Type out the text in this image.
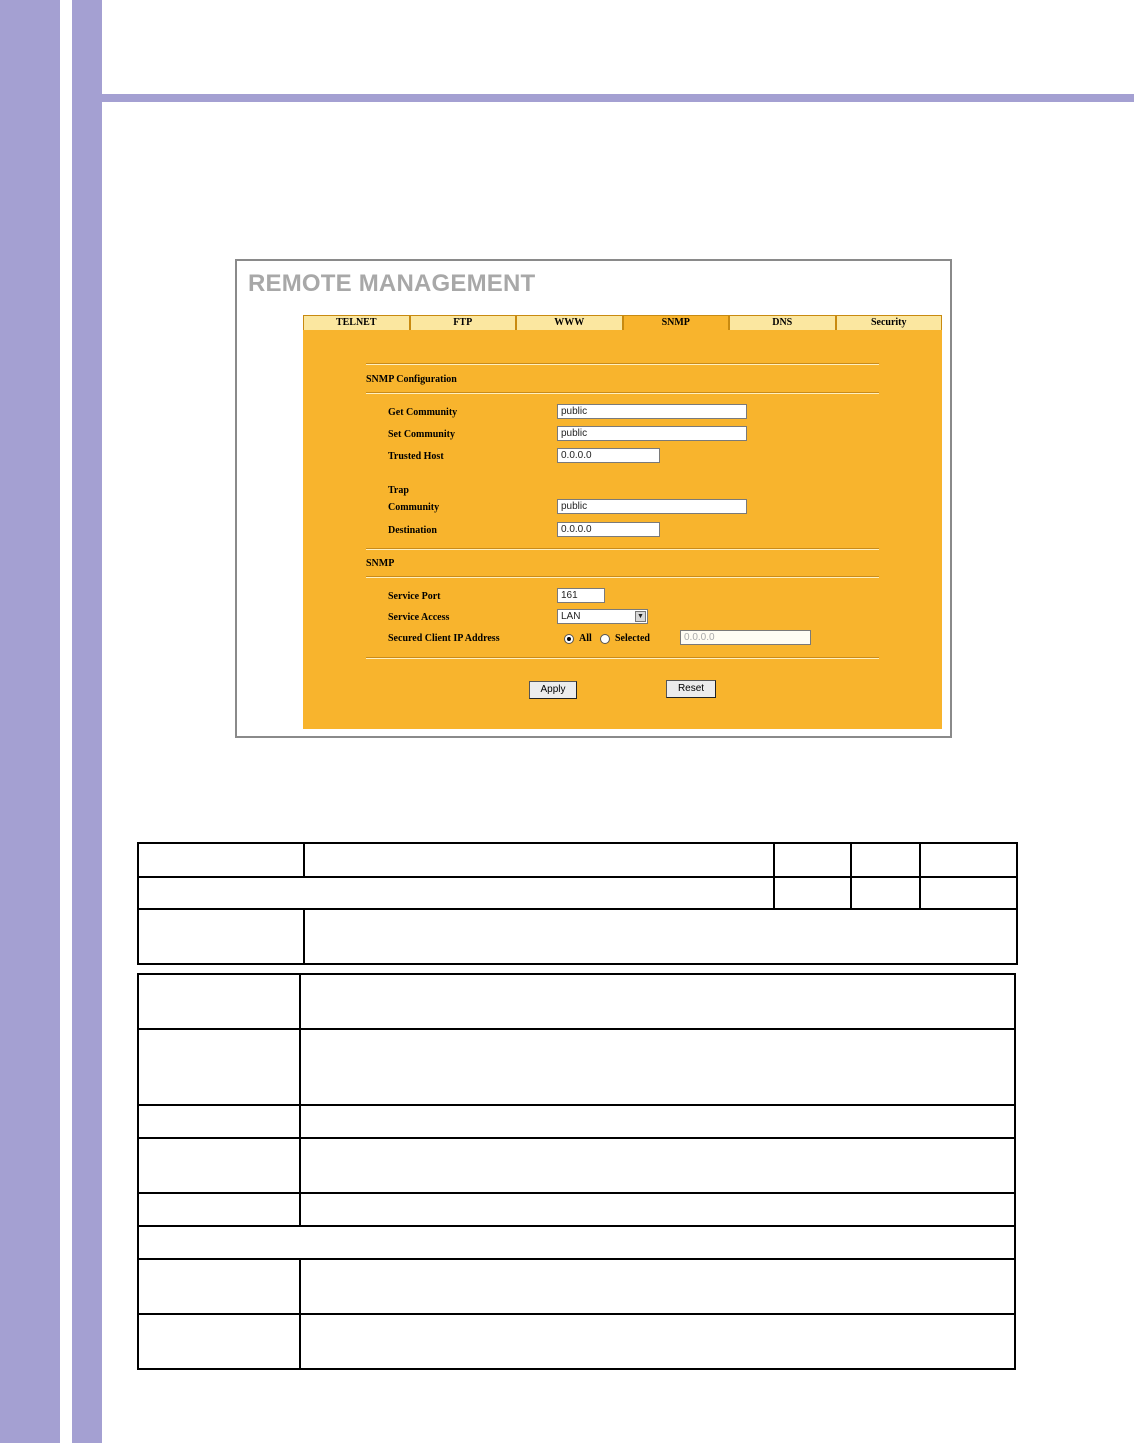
REMOTE MANAGEMENT
TELNET	FTP	WWW	SNMP	DNS	Security
SNMP Configuration
Get Community	public
Set Community	public
Trusted Host	0.0.0.0
Trap
Community	public
Destination	0.0.0.0
SNMP
Service Port	161
Service Access	LAN	▼
Secured Client IP Address	All Selected	0.0.0.0
Apply	Reset
